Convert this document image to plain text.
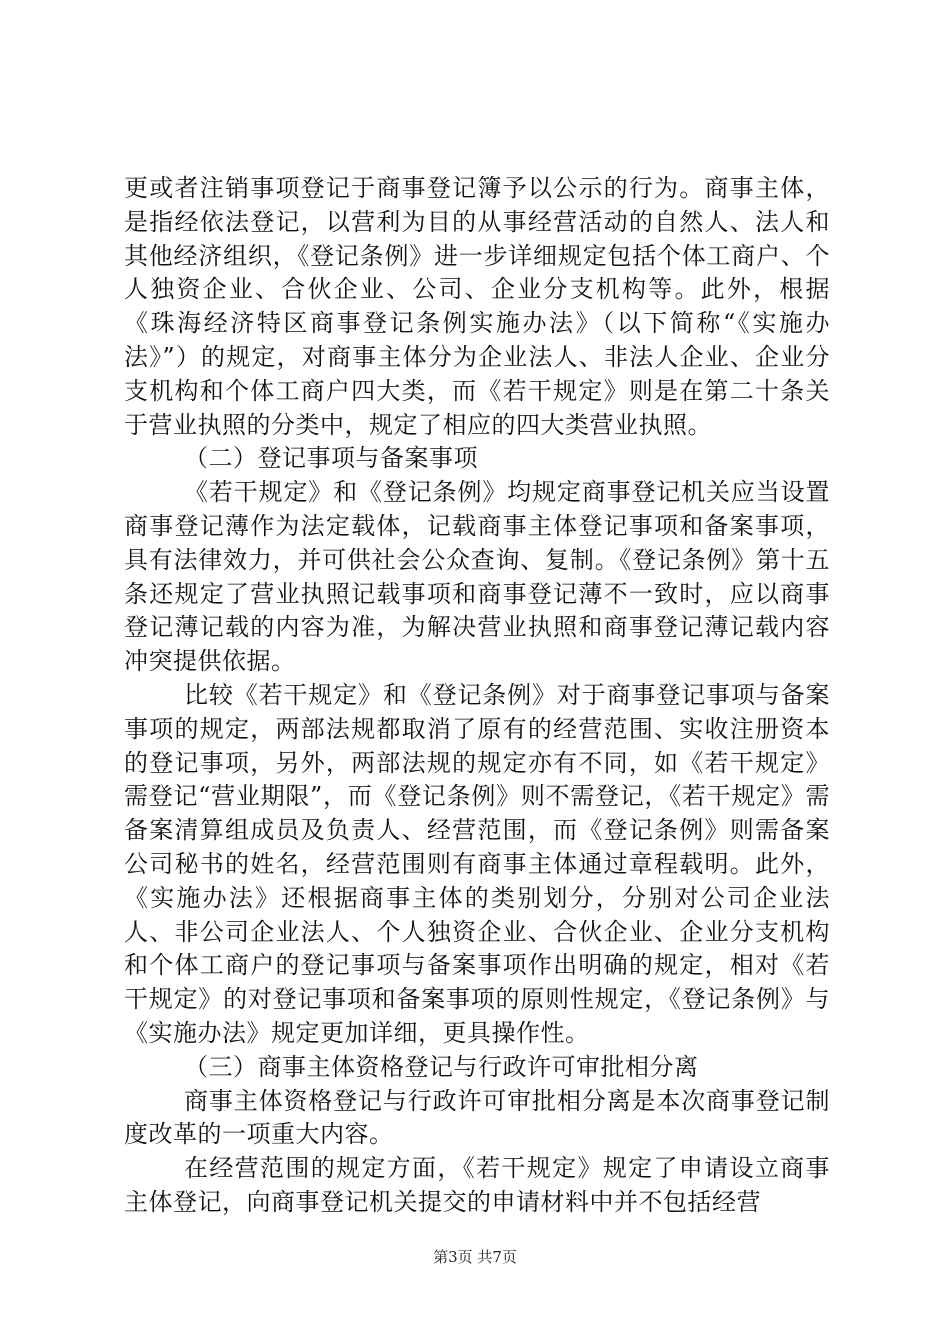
更或者注销事项登记于商事登记簿予以公示的行为。商事主体，是指经依法登记，以营利为目的从事经营活动的自然人、法人和其他经济组织，《登记条例》进一步详细规定包括个体工商户、个人独资企业、合伙企业、公司、企业分支机构等。此外，根据《珠海经济特区商事登记条例实施办法》（以下简称“《实施办法》”）的规定，对商事主体分为企业法人、非法人企业、企业分支机构和个体工商户四大类，而《若干规定》则是在第二十条关于营业执照的分类中，规定了相应的四大类营业执照。

（二）登记事项与备案事项

《若干规定》和《登记条例》均规定商事登记机关应当设置商事登记薄作为法定载体，记载商事主体登记事项和备案事项，具有法律效力，并可供社会公众查询、复制。《登记条例》第十五条还规定了营业执照记载事项和商事登记薄不一致时，应以商事登记薄记载的内容为准，为解决营业执照和商事登记薄记载内容冲突提供依据。

比较《若干规定》和《登记条例》对于商事登记事项与备案事项的规定，两部法规都取消了原有的经营范围、实收注册资本的登记事项，另外，两部法规的规定亦有不同，如《若干规定》需登记“营业期限”，而《登记条例》则不需登记，《若干规定》需备案清算组成员及负责人、经营范围，而《登记条例》则需备案公司秘书的姓名，经营范围则有商事主体通过章程载明。此外，《实施办法》还根据商事主体的类别划分，分别对公司企业法人、非公司企业法人、个人独资企业、合伙企业、企业分支机构和个体工商户的登记事项与备案事项作出明确的规定，相对《若干规定》的对登记事项和备案事项的原则性规定，《登记条例》与《实施办法》规定更加详细，更具操作性。

（三）商事主体资格登记与行政许可审批相分离

商事主体资格登记与行政许可审批相分离是本次商事登记制度改革的一项重大内容。

在经营范围的规定方面，《若干规定》规定了申请设立商事主体登记，向商事登记机关提交的申请材料中并不包括经营

第3页 共7页
